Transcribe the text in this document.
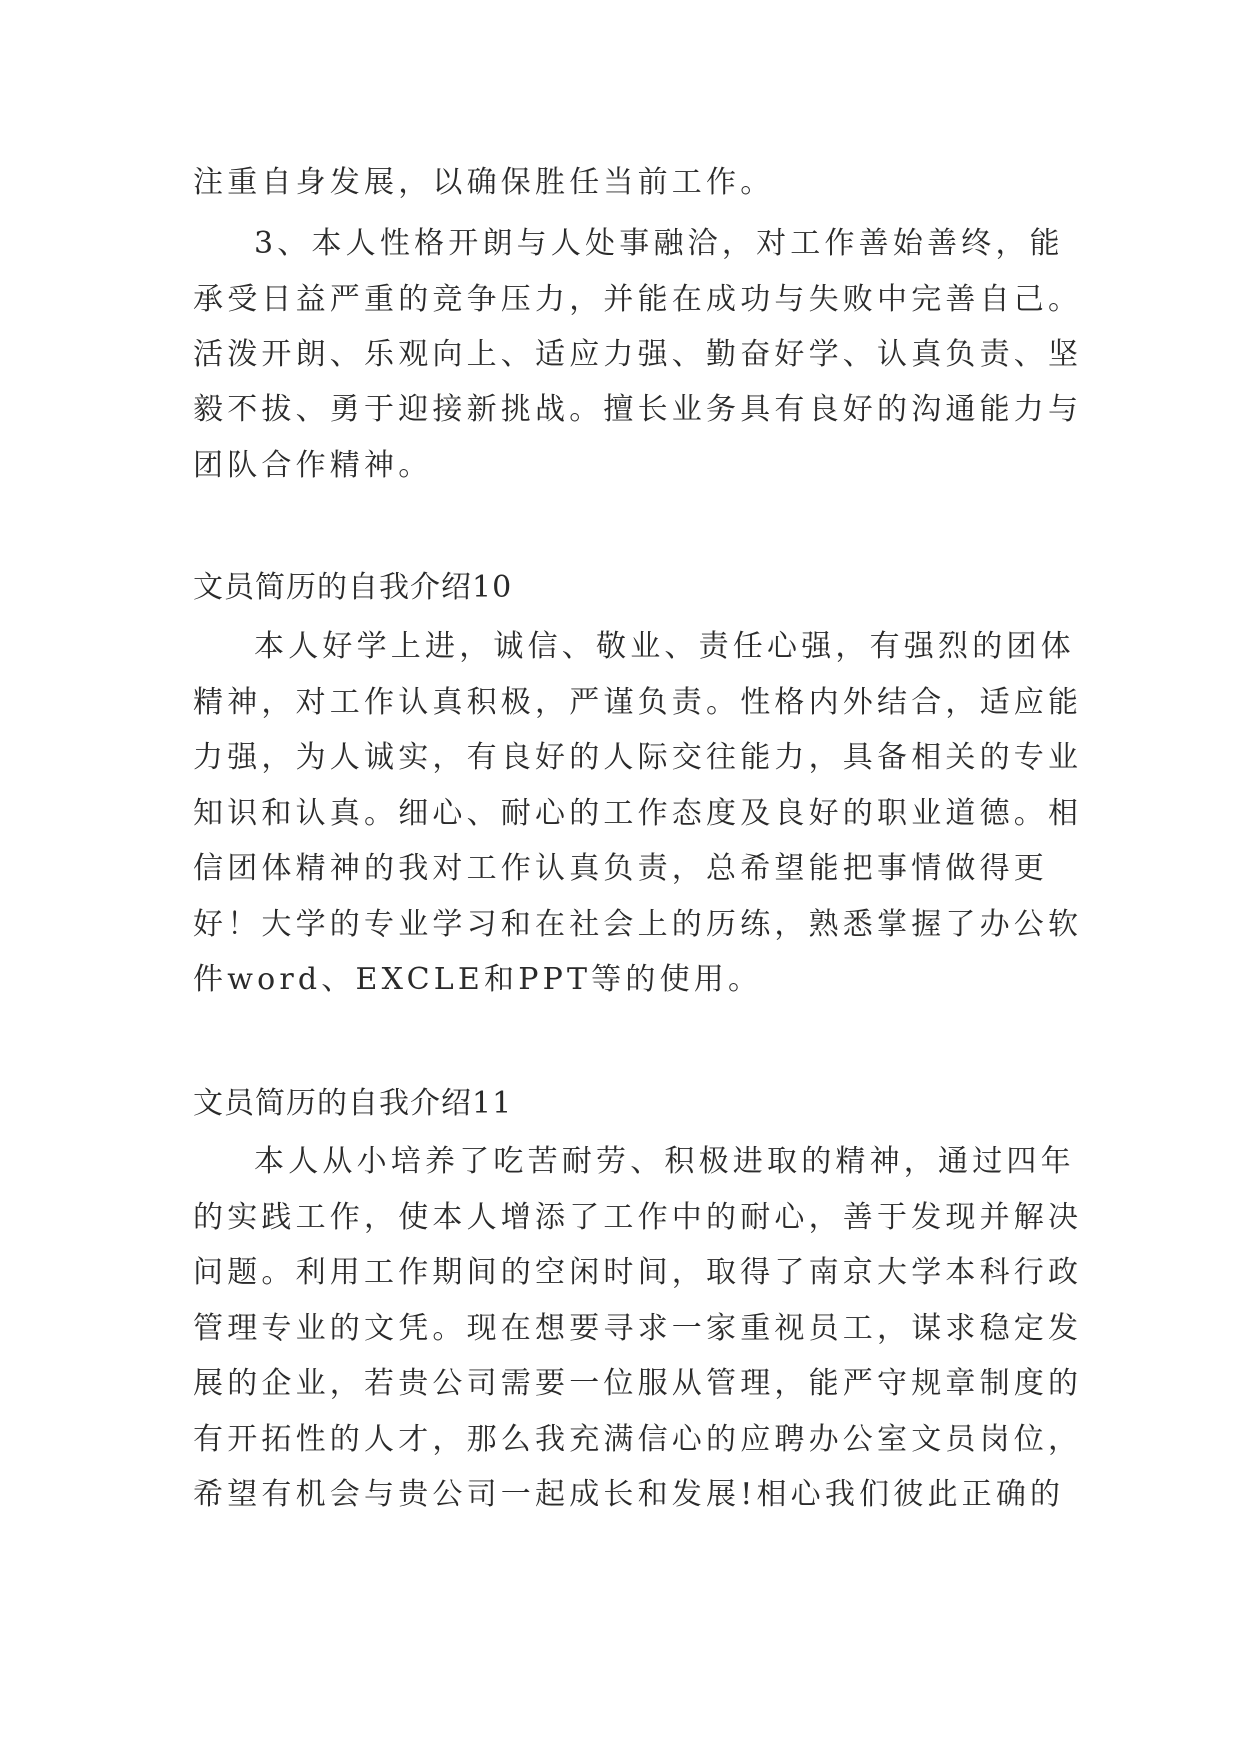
注重自身发展，以确保胜任当前工作。
3、本人性格开朗与人处事融洽，对工作善始善终，能
承受日益严重的竞争压力，并能在成功与失败中完善自己。
活泼开朗、乐观向上、适应力强、勤奋好学、认真负责、坚
毅不拔、勇于迎接新挑战。擅长业务具有良好的沟通能力与
团队合作精神。
文员简历的自我介绍10
本人好学上进，诚信、敬业、责任心强，有强烈的团体
精神，对工作认真积极，严谨负责。性格内外结合，适应能
力强，为人诚实，有良好的人际交往能力，具备相关的专业
知识和认真。细心、耐心的工作态度及良好的职业道德。相
信团体精神的我对工作认真负责，总希望能把事情做得更
好！大学的专业学习和在社会上的历练，熟悉掌握了办公软
件word、EXCLE和PPT等的使用。
文员简历的自我介绍11
本人从小培养了吃苦耐劳、积极进取的精神，通过四年
的实践工作，使本人增添了工作中的耐心，善于发现并解决
问题。利用工作期间的空闲时间，取得了南京大学本科行政
管理专业的文凭。现在想要寻求一家重视员工，谋求稳定发
展的企业，若贵公司需要一位服从管理，能严守规章制度的
有开拓性的人才，那么我充满信心的应聘办公室文员岗位，
希望有机会与贵公司一起成长和发展!相心我们彼此正确的
